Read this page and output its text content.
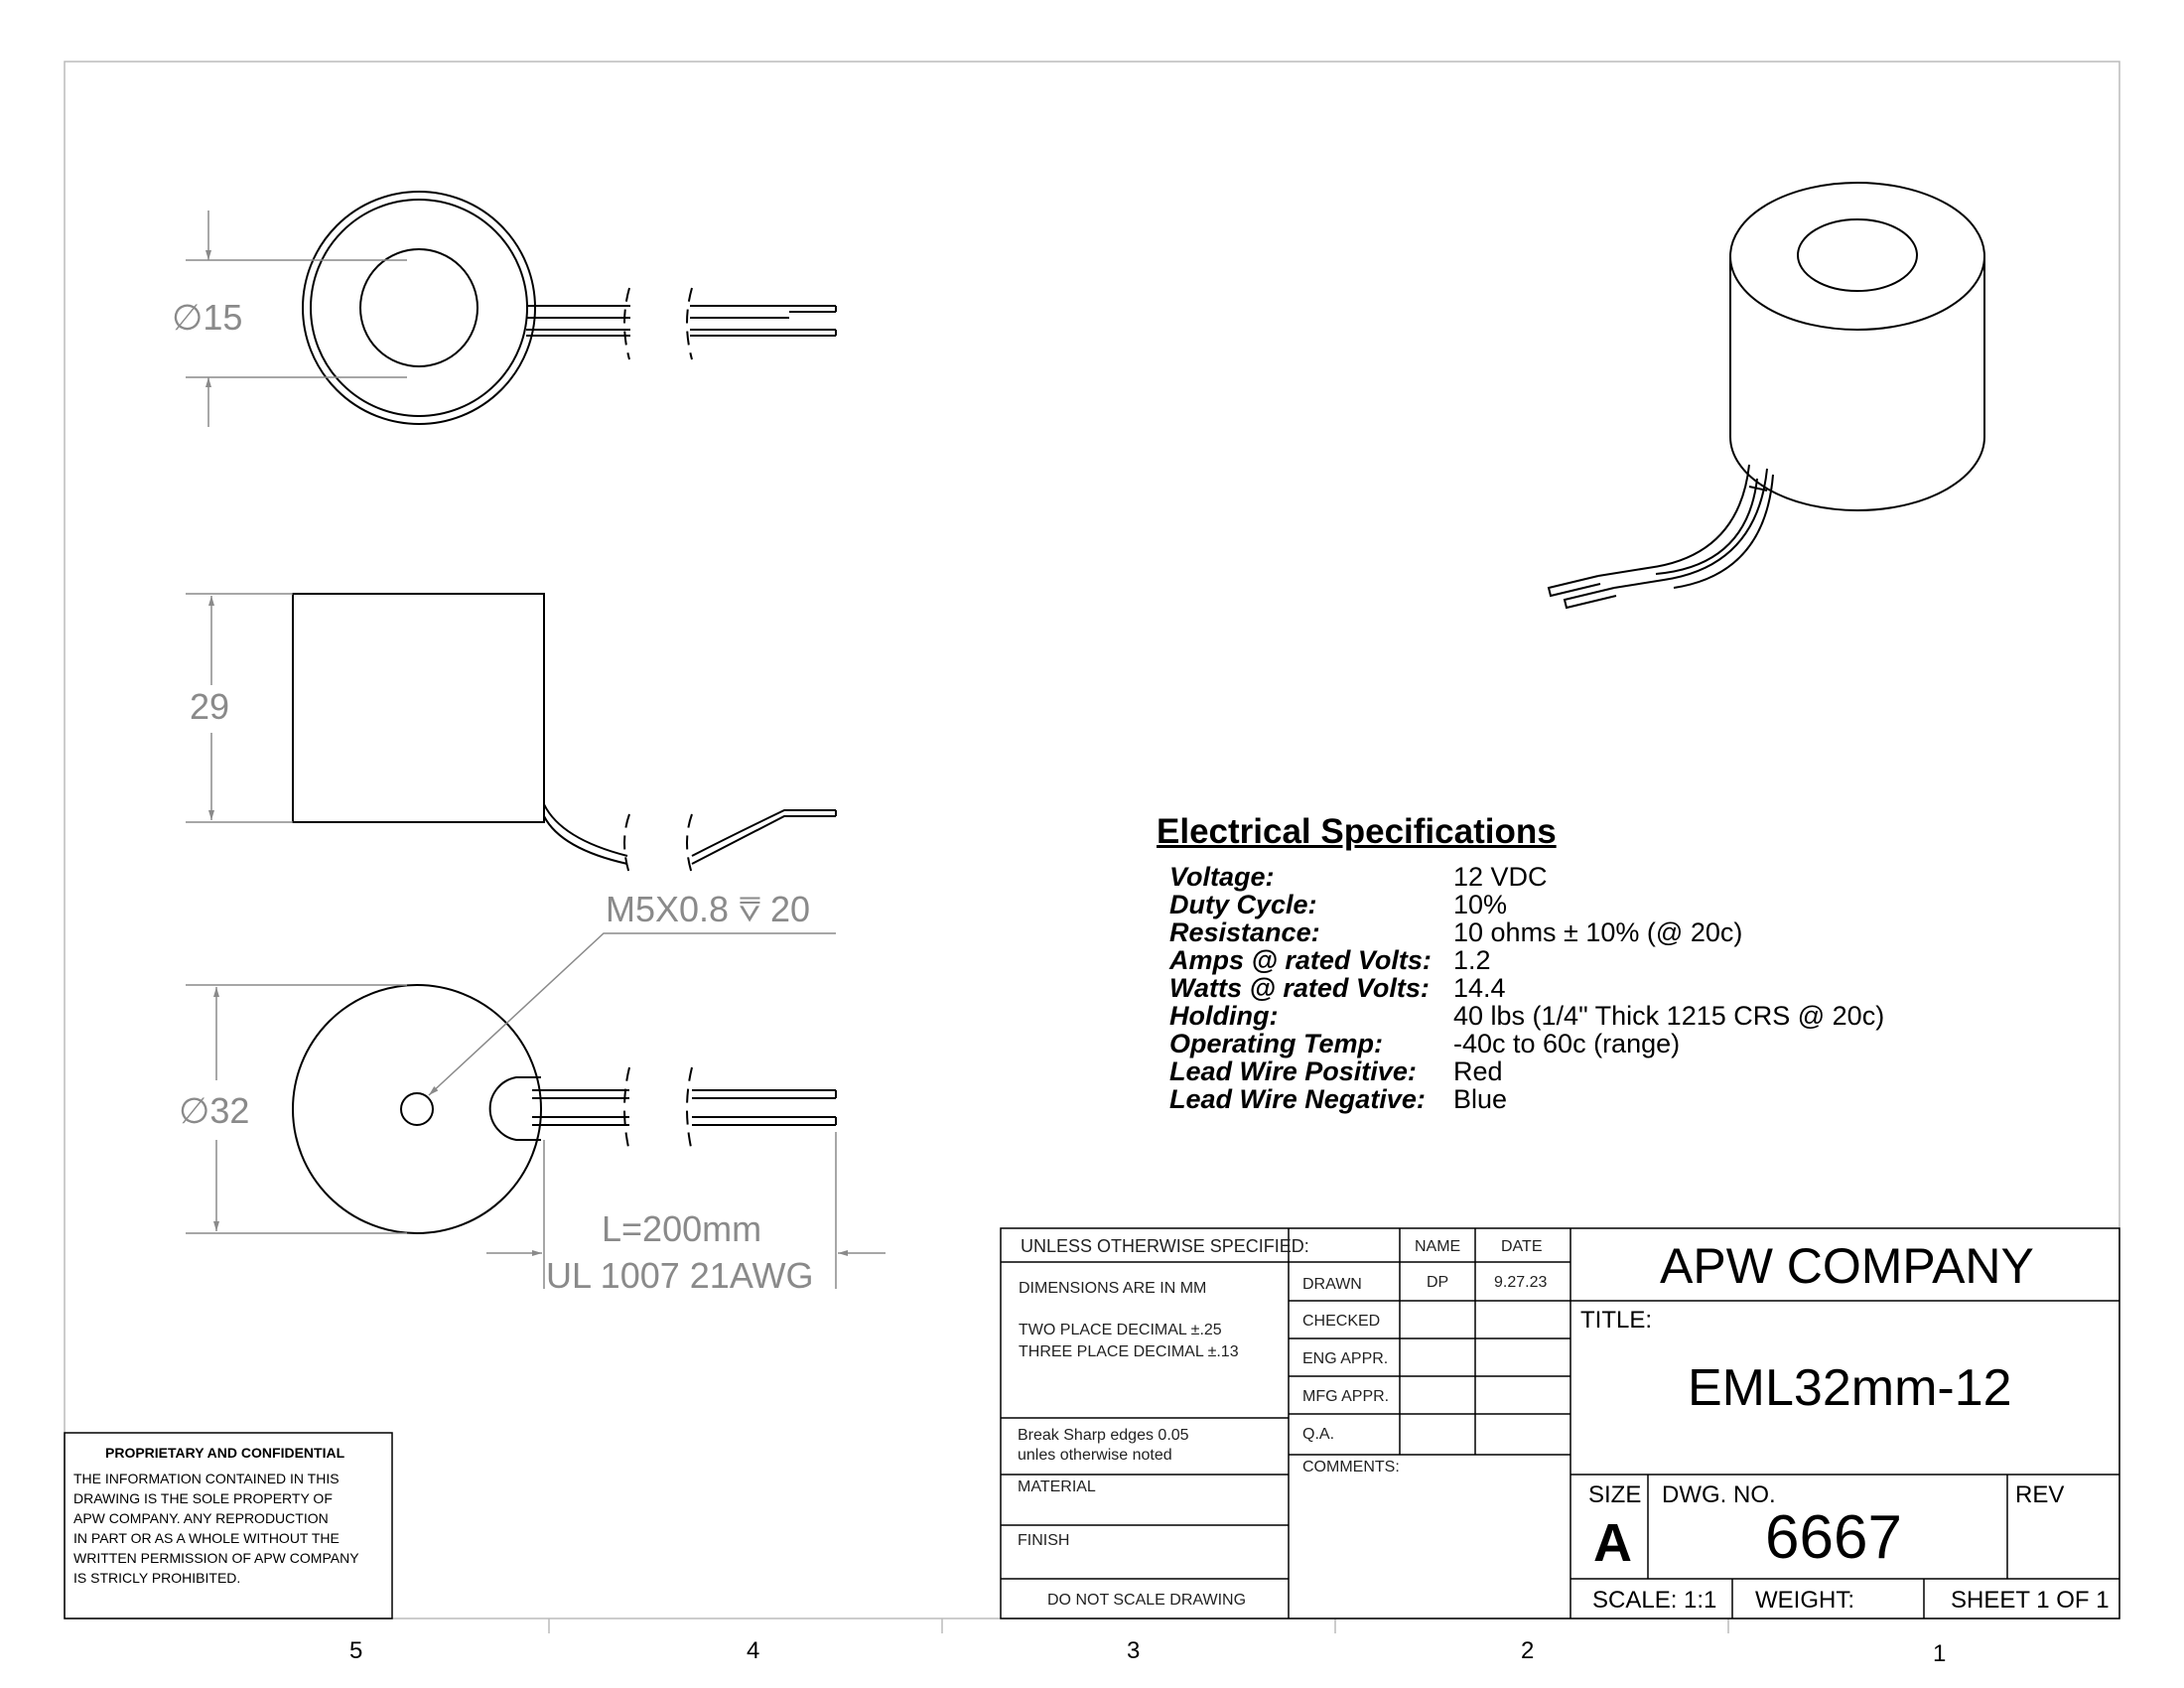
∅15
29
M5X0.8 ⩢ 20
∅32
L=200mm
UL 1007 21AWG
Electrical Specifications
Voltage:	12 VDC
Duty Cycle:	10%
Resistance:	10 ohms ± 10% (@ 20c)
Amps @ rated Volts: 1.2
Watts @ rated Volts: 14.4
Holding:	40 lbs (1/4" Thick 1215 CRS @ 20c)
Operating Temp:	-40c to 60c (range)
Lead Wire Positive: Red
Lead Wire Negative: Blue
PROPRIETARY AND CONFIDENTIAL
THE INFORMATION CONTAINED IN THIS
DRAWING IS THE SOLE PROPERTY OF
APW COMPANY. ANY REPRODUCTION
IN PART OR AS A WHOLE WITHOUT THE
WRITTEN PERMISSION OF APW COMPANY
IS STRICLY PROHIBITED.
UNLESS OTHERWISE SPECIFIED:	NAME	DATE
DIMENSIONS ARE IN MM
TWO PLACE DECIMAL ±.25
THREE PLACE DECIMAL ±.13
Break Sharp edges 0.05
unles otherwise noted
MATERIAL
FINISH
DO NOT SCALE DRAWING
DRAWN	DP	9.27.23
CHECKED
ENG APPR.
MFG APPR.
Q.A.
COMMENTS:
APW COMPANY
TITLE:
EML32mm-12
SIZE
A
DWG. NO.
6667
REV
SCALE: 1:1 WEIGHT:	SHEET 1 OF 1
5	4	3	2	1
